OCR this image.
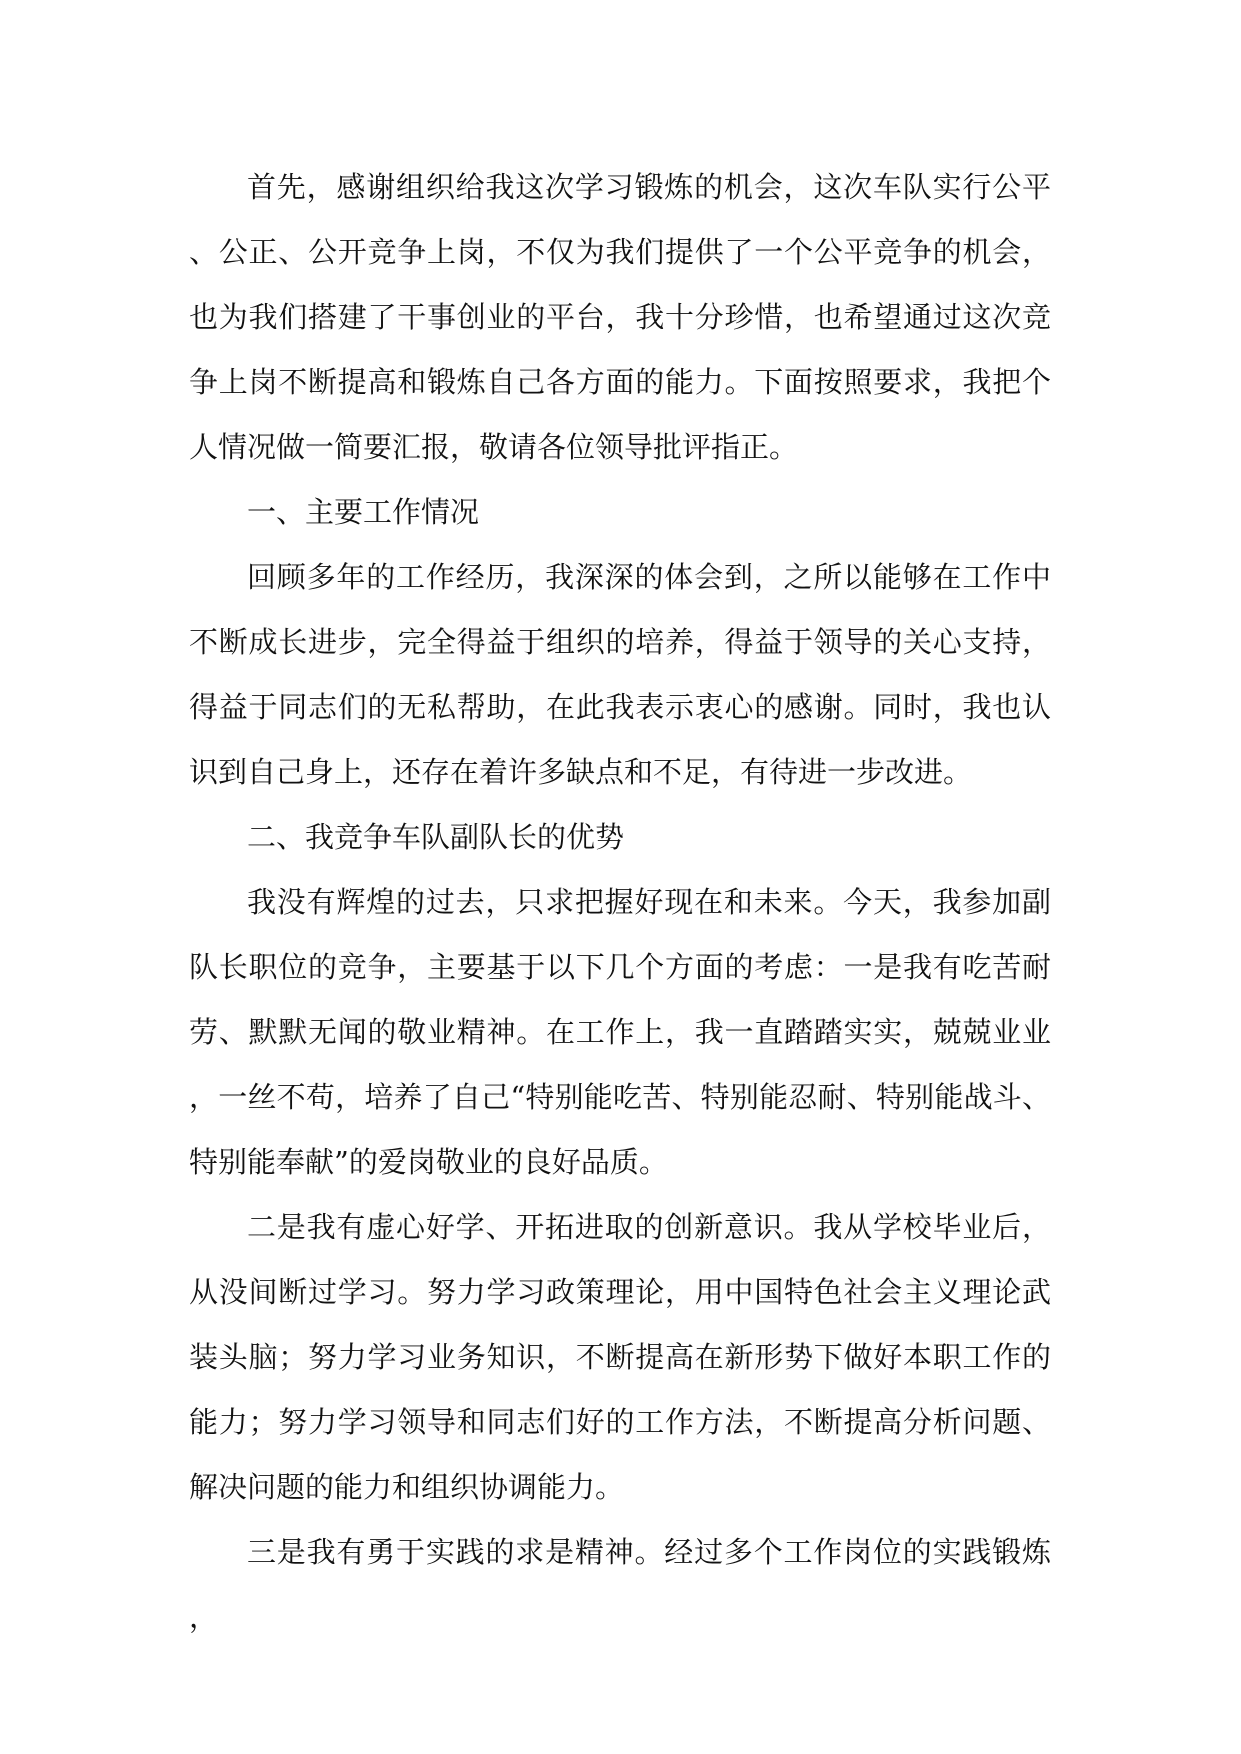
首先，感谢组织给我这次学习锻炼的机会，这次车队实行公平、公正、公开竞争上岗，不仅为我们提供了一个公平竞争的机会，也为我们搭建了干事创业的平台，我十分珍惜，也希望通过这次竞争上岗不断提高和锻炼自己各方面的能力。下面按照要求，我把个人情况做一简要汇报，敬请各位领导批评指正。

一、主要工作情况

回顾多年的工作经历，我深深的体会到，之所以能够在工作中不断成长进步，完全得益于组织的培养，得益于领导的关心支持，得益于同志们的无私帮助，在此我表示衷心的感谢。同时，我也认识到自己身上，还存在着许多缺点和不足，有待进一步改进。

二、我竞争车队副队长的优势

我没有辉煌的过去，只求把握好现在和未来。今天，我参加副队长职位的竞争，主要基于以下几个方面的考虑：一是我有吃苦耐劳、默默无闻的敬业精神。在工作上，我一直踏踏实实，兢兢业业，一丝不苟，培养了自己“特别能吃苦、特别能忍耐、特别能战斗、特别能奉献”的爱岗敬业的良好品质。

二是我有虚心好学、开拓进取的创新意识。我从学校毕业后，从没间断过学习。努力学习政策理论，用中国特色社会主义理论武装头脑；努力学习业务知识，不断提高在新形势下做好本职工作的能力；努力学习领导和同志们好的工作方法，不断提高分析问题、解决问题的能力和组织协调能力。

三是我有勇于实践的求是精神。经过多个工作岗位的实践锻炼，
